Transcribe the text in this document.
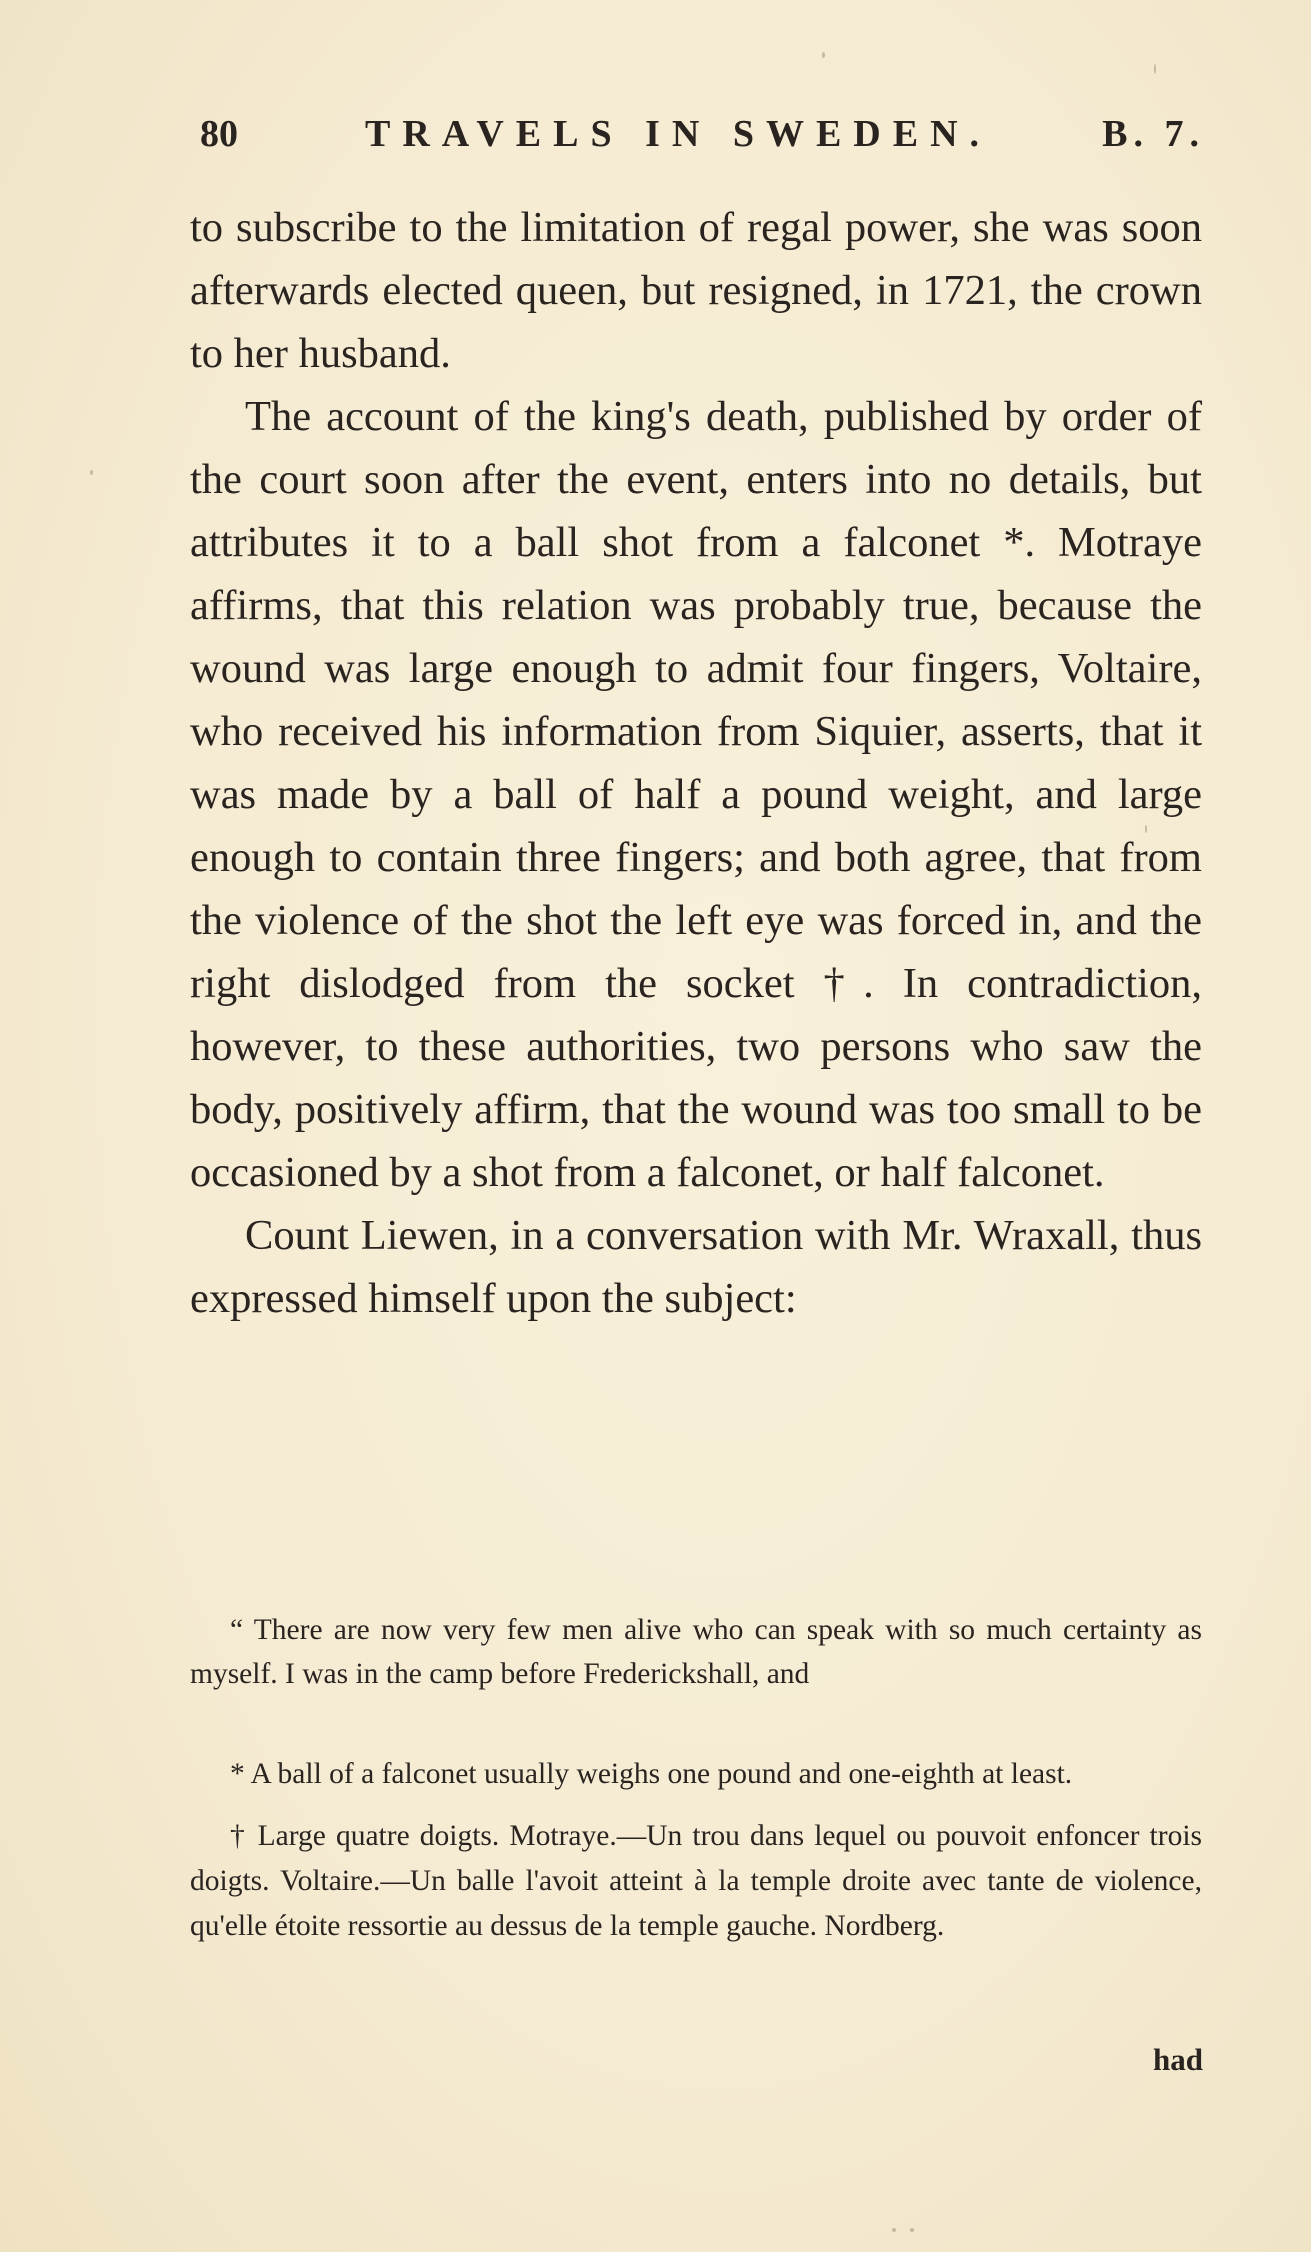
80	TRAVELS IN SWEDEN.	B. 7.

to subscribe to the limitation of regal power, she was soon afterwards elected queen, but resigned, in 1721, the crown to her husband.

The account of the king's death, published by order of the court soon after the event, enters into no details, but attributes it to a ball shot from a falconet *. Motraye affirms, that this relation was probably true, because the wound was large enough to admit four fingers, Voltaire, who received his information from Siquier, asserts, that it was made by a ball of half a pound weight, and large enough to contain three fingers; and both agree, that from the violence of the shot the left eye was forced in, and the right dislodged from the socket †. In contradiction, however, to these authorities, two persons who saw the body, positively affirm, that the wound was too small to be occasioned by a shot from a falconet, or half falconet.

Count Liewen, in a conversation with Mr. Wraxall, thus expressed himself upon the subject:

“ There are now very few men alive who can speak with so much certainty as myself. I was in the camp before Frederickshall, and

* A ball of a falconet usually weighs one pound and one-eighth at least.

† Large quatre doigts. Motraye.—Un trou dans lequel ou pouvoit enfoncer trois doigts. Voltaire.—Un balle l'avoit atteint à la temple droite avec tante de violence, qu'elle étoite ressortie au dessus de la temple gauche. Nordberg.

had
